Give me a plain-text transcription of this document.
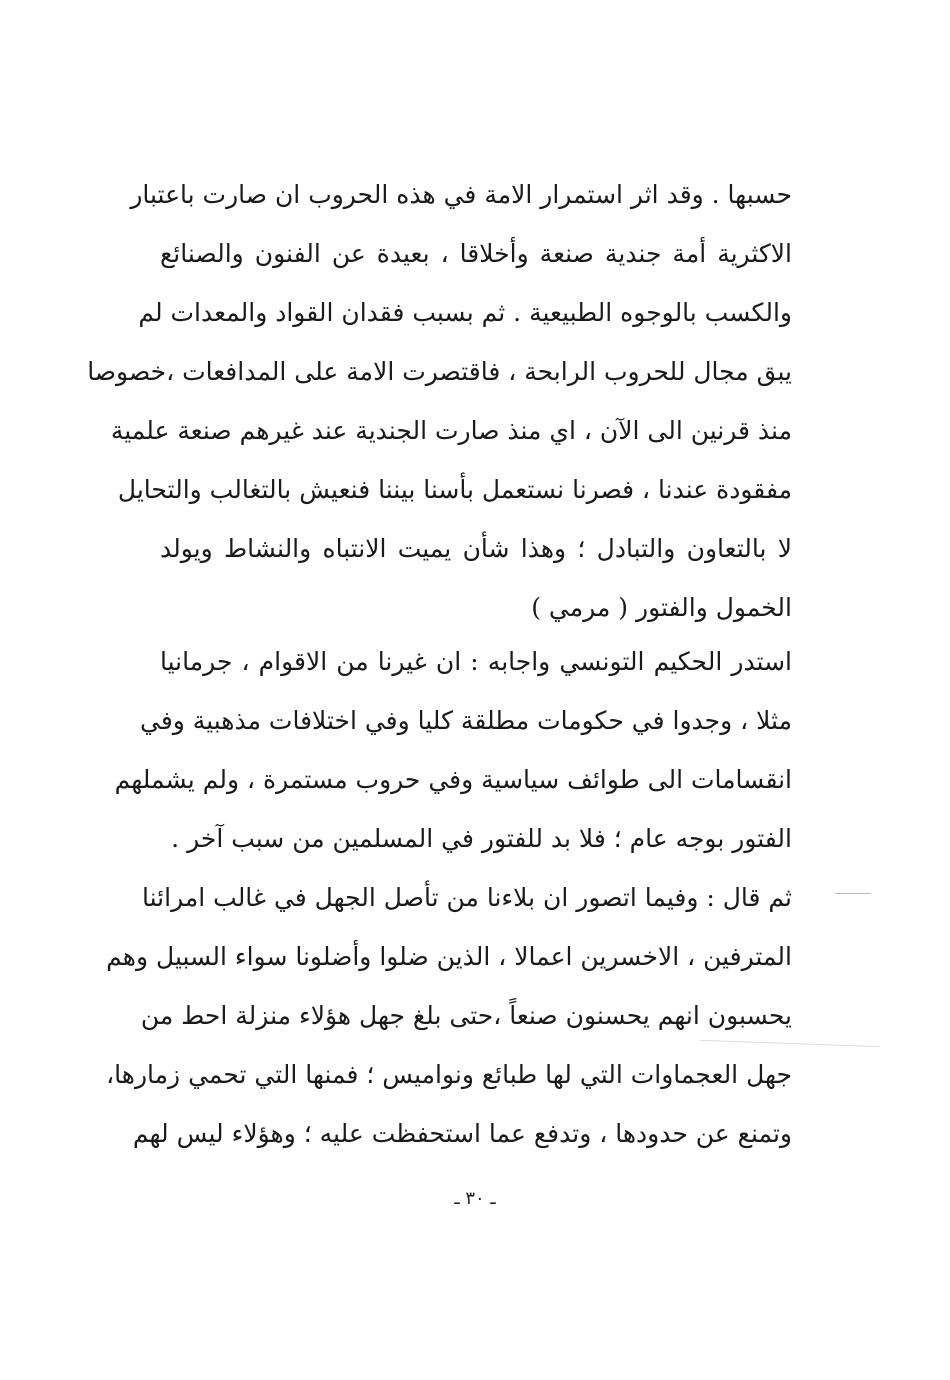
حسبها . وقد اثر استمرار الامة في هذه الحروب ان صارت باعتبار
الاكثرية أمة جندية صنعة وأخلاقا ، بعيدة عن الفنون والصنائع
والكسب بالوجوه الطبيعية . ثم بسبب فقدان القواد والمعدات لم
يبق مجال للحروب الرابحة ، فاقتصرت الامة على المدافعات ،خصوصا
منذ قرنين الى الآن ، اي منذ صارت الجندية عند غيرهم صنعة علمية
مفقودة عندنا ، فصرنا نستعمل بأسنا بيننا فنعيش بالتغالب والتحايل
لا بالتعاون والتبادل ؛ وهذا شأن يميت الانتباه والنشاط ويولد
الخمول والفتور ( مرمي )
استدر الحكيم التونسي واجابه : ان غيرنا من الاقوام ، جرمانيا
مثلا ، وجدوا في حكومات مطلقة كليا وفي اختلافات مذهبية وفي
انقسامات الى طوائف سياسية وفي حروب مستمرة ، ولم يشملهم
الفتور بوجه عام ؛ فلا بد للفتور في المسلمين من سبب آخر .
ثم قال : وفيما اتصور ان بلاءنا من تأصل الجهل في غالب امرائنا
المترفين ، الاخسرين اعمالا ، الذين ضلوا وأضلونا سواء السبيل وهم
يحسبون انهم يحسنون صنعاً ،حتى بلغ جهل هؤلاء منزلة احط من
جهل العجماوات التي لها طبائع ونواميس ؛ فمنها التي تحمي زمارها،
وتمنع عن حدودها ، وتدفع عما استحفظت عليه ؛ وهؤلاء ليس لهم
ـ ٣٠ ـ
